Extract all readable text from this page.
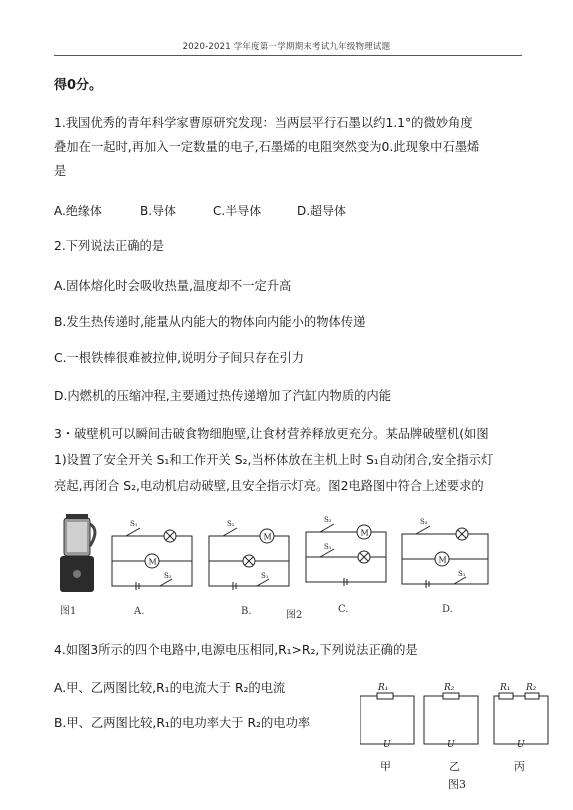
2020-2021 学年度第一学期期末考试九年级物理试题
得0分。
1.我国优秀的青年科学家曹原研究发现：当两层平行石墨以约1.1°的微妙角度
叠加在一起时,再加入一定数量的电子,石墨烯的电阻突然变为0.此现象中石墨烯
是
A.绝缘体	B.导体	C.半导体	D.超导体
2.下列说法正确的是
A.固体熔化时会吸收热量,温度却不一定升高
B.发生热传递时,能量从内能大的物体向内能小的物体传递
C.一根铁棒很难被拉伸,说明分子间只存在引力
D.内燃机的压缩冲程,主要通过热传递增加了汽缸内物质的内能
3・破壁机可以瞬间击破食物细胞壁,让食材营养释放更充分。某品牌破壁机(如图
1)设置了安全开关 S₁和工作开关 S₂,当杯体放在主机上时 S₁自动闭合,安全指示灯
亮起,再闭合 S₂,电动机启动破壁,且安全指示灯亮。图2电路图中符合上述要求的
图1
S₁
M
S₂
A.
S₂
M
S₁
B.	图2
S₂
M
S₁
C.
S₂
M
S₁
D.
4.如图3所示的四个电路中,电源电压相同,R₁>R₂,下列说法正确的是
A.甲、乙两图比较,R₁的电流大于 R₂的电流
B.甲、乙两图比较,R₁的电功率大于 R₂的电功率
R₁
U
甲
R₂
U
乙
R₁ R₂
U
丙
图3
